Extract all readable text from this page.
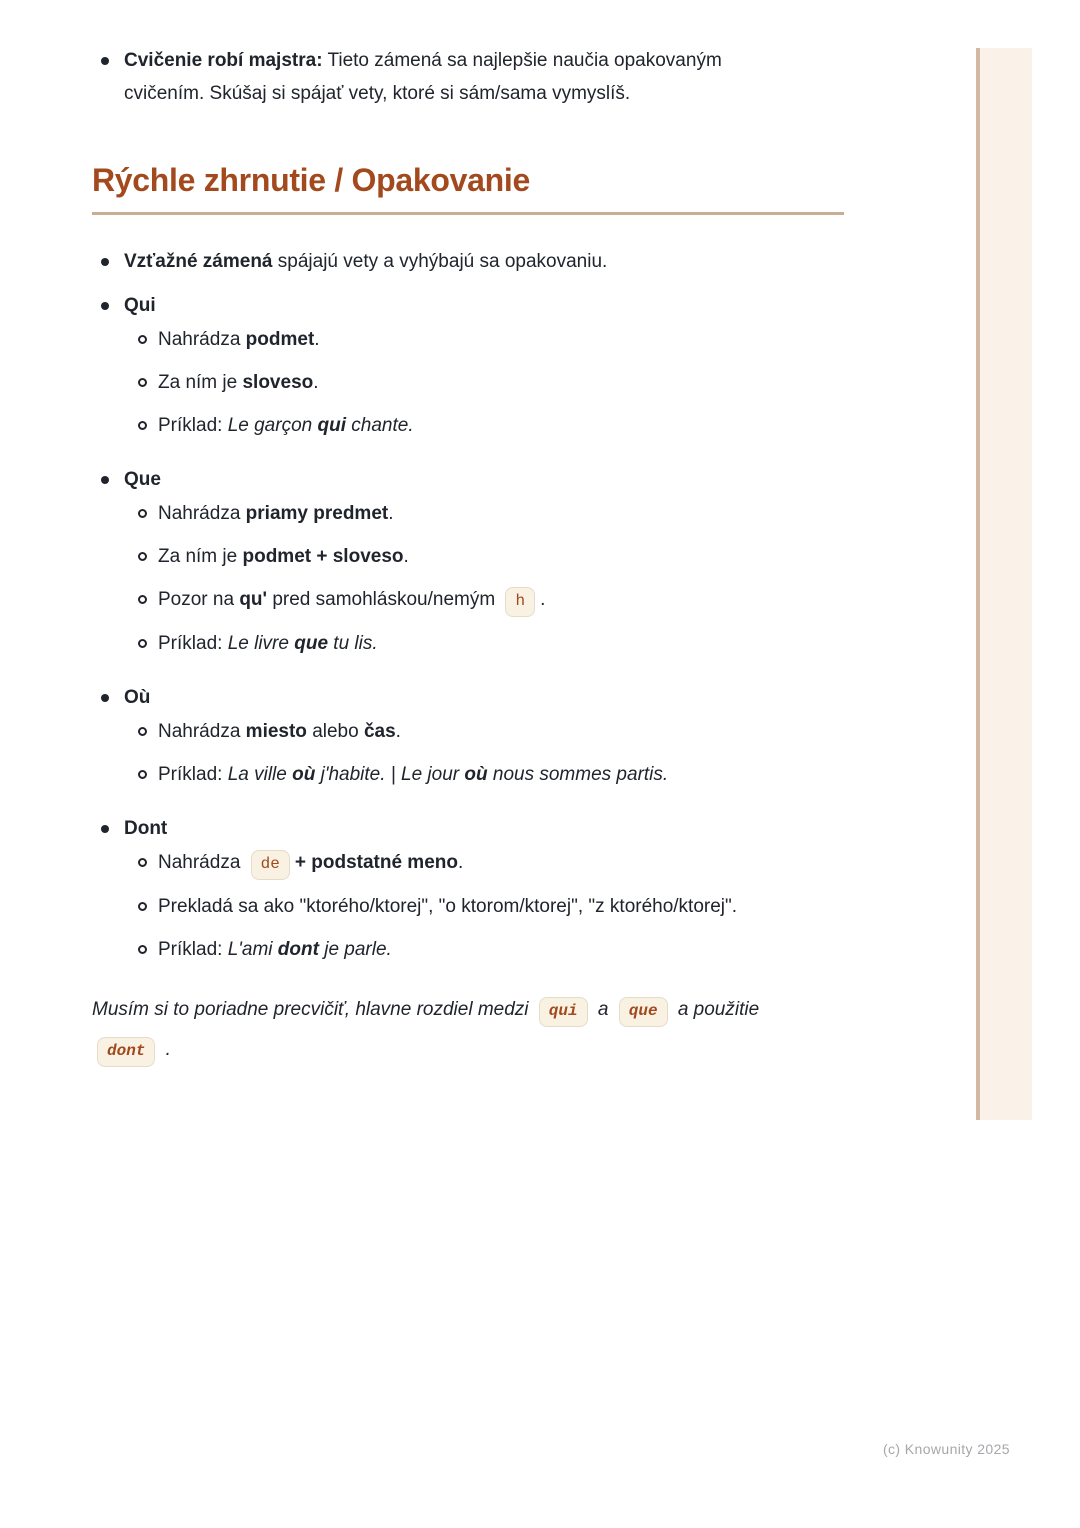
Cvičenie robí majstra: Tieto zámená sa najlepšie naučia opakovaným
cvičením. Skúšaj si spájať vety, ktoré si sám/sama vymyslíš.
Rýchle zhrnutie / Opakovanie
Vzťažné zámená spájajú vety a vyhýbajú sa opakovaniu.
Qui
Nahrádza podmet.
Za ním je sloveso.
Príklad: Le garçon qui chante.
Que
Nahrádza priamy predmet.
Za ním je podmet + sloveso.
Pozor na qu' pred samohláskou/nemým h .
Príklad: Le livre que tu lis.
Où
Nahrádza miesto alebo čas.
Príklad: La ville où j'habite. | Le jour où nous sommes partis.
Dont
Nahrádza de + podstatné meno.
Prekladá sa ako "ktorého/ktorej", "o ktorom/ktorej", "z ktorého/ktorej".
Príklad: L'ami dont je parle.
Musím si to poriadne precvičiť, hlavne rozdiel medzi qui a que a použitie
dont .
(c) Knowunity 2025
